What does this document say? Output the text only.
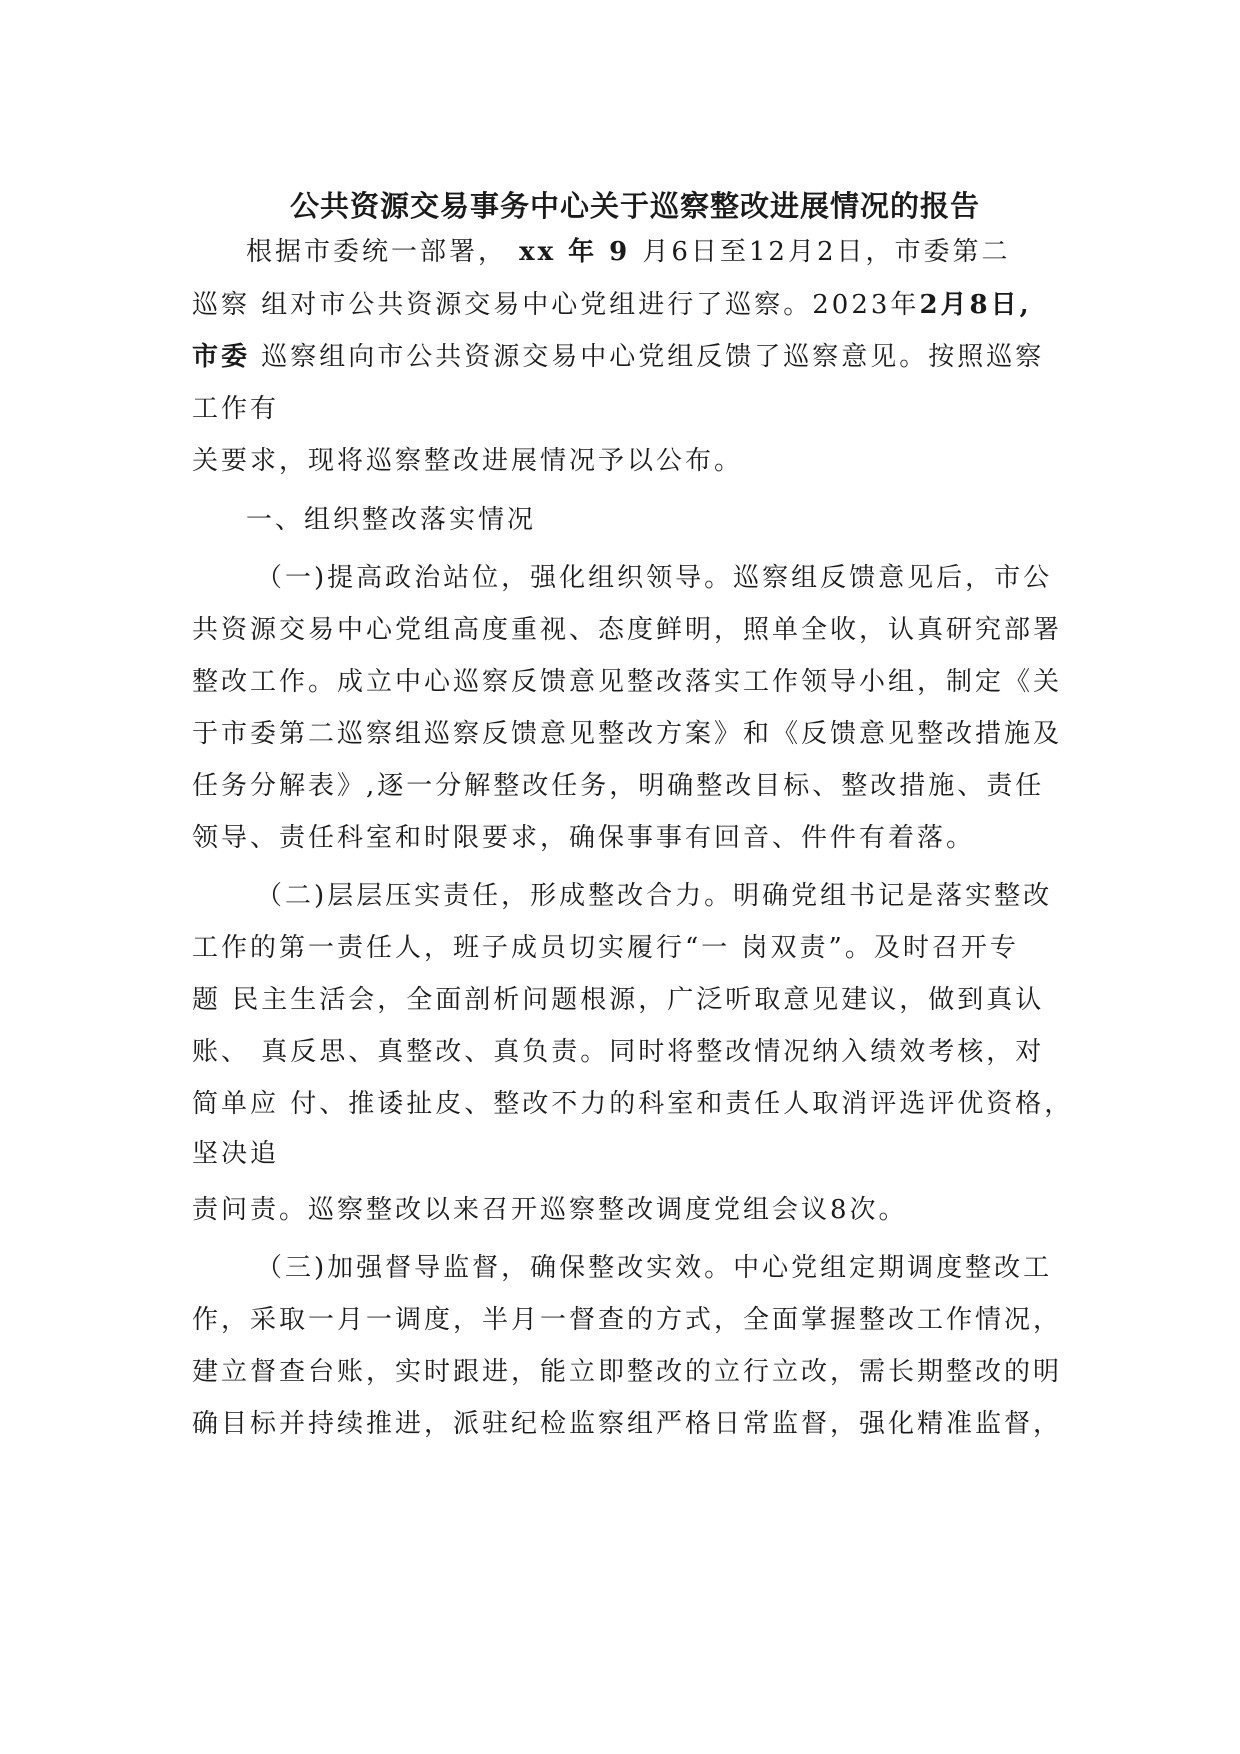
公共资源交易事务中心关于巡察整改进展情况的报告
根据市委统一部署， xx 年 9 月6日至12月2日，市委第二
巡察 组对市公共资源交易中心党组进行了巡察。2023年2月8日,
市委 巡察组向市公共资源交易中心党组反馈了巡察意见。按照巡察
工作有
关要求，现将巡察整改进展情况予以公布。
一、组织整改落实情况
（一)提高政治站位，强化组织领导。巡察组反馈意见后，市公
共资源交易中心党组高度重视、态度鲜明，照单全收，认真研究部署
整改工作。成立中心巡察反馈意见整改落实工作领导小组，制定《关
于市委第二巡察组巡察反馈意见整改方案》和《反馈意见整改措施及
任务分解表》,逐一分解整改任务，明确整改目标、整改措施、责任
领导、责任科室和时限要求，确保事事有回音、件件有着落。
（二)层层压实责任，形成整改合力。明确党组书记是落实整改
工作的第一责任人，班子成员切实履行“一 岗双责”。及时召开专
题 民主生活会，全面剖析问题根源，广泛听取意见建议，做到真认
账、 真反思、真整改、真负责。同时将整改情况纳入绩效考核，对
简单应 付、推诿扯皮、整改不力的科室和责任人取消评选评优资格，
坚决追
责问责。巡察整改以来召开巡察整改调度党组会议8次。
（三)加强督导监督，确保整改实效。中心党组定期调度整改工
作，采取一月一调度，半月一督查的方式，全面掌握整改工作情况，
建立督查台账，实时跟进，能立即整改的立行立改，需长期整改的明
确目标并持续推进，派驻纪检监察组严格日常监督，强化精准监督，
